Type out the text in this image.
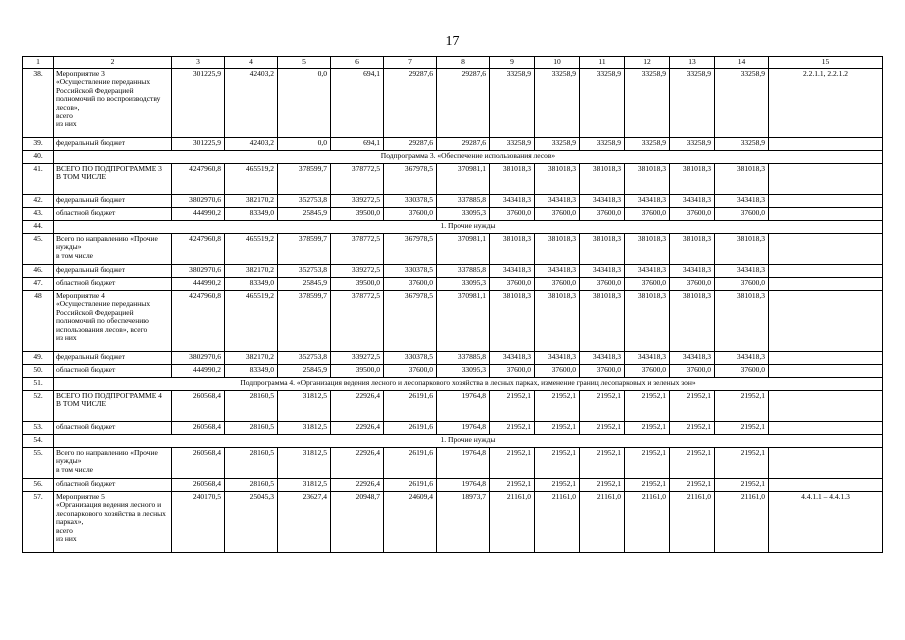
17
1	2	3	4	5	6	7	8	9	10	11	12	13	14	15
38.	Мероприятие 3
«Осуществление переданных Российской Федерацией полномочий по воспроизводству лесов»,
всего
из них	301225,9	42403,2	0,0	694,1	29287,6	29287,6	33258,9	33258,9	33258,9	33258,9	33258,9	33258,9	2.2.1.1, 2.2.1.2
39.	федеральный бюджет	301225,9	42403,2	0,0	694,1	29287,6	29287,6	33258,9	33258,9	33258,9	33258,9	33258,9	33258,9	
40.	Подпрограмма 3. «Обеспечение использования лесов»													
41.	ВСЕГО ПО ПОДПРОГРАММЕ 3
В ТОМ ЧИСЛЕ	4247960,8	465519,2	378599,7	378772,5	367978,5	370981,1	381018,3	381018,3	381018,3	381018,3	381018,3	381018,3	
42.	федеральный бюджет	3802970,6	382170,2	352753,8	339272,5	330378,5	337885,8	343418,3	343418,3	343418,3	343418,3	343418,3	343418,3	
43.	областной бюджет	444990,2	83349,0	25845,9	39500,0	37600,0	33095,3	37600,0	37600,0	37600,0	37600,0	37600,0	37600,0	
44.	1. Прочие нужды													
45.	Всего по направлению «Прочие нужды»
в том числе	4247960,8	465519,2	378599,7	378772,5	367978,5	370981,1	381018,3	381018,3	381018,3	381018,3	381018,3	381018,3	
46.	федеральный бюджет	3802970,6	382170,2	352753,8	339272,5	330378,5	337885,8	343418,3	343418,3	343418,3	343418,3	343418,3	343418,3	
47.	областной бюджет	444990,2	83349,0	25845,9	39500,0	37600,0	33095,3	37600,0	37600,0	37600,0	37600,0	37600,0	37600,0	
48	Мероприятие 4
«Осуществление переданных Российской Федерацией полномочий по обеспечению использования лесов», всего
из них	4247960,8	465519,2	378599,7	378772,5	367978,5	370981,1	381018,3	381018,3	381018,3	381018,3	381018,3	381018,3	
49.	федеральный бюджет	3802970,6	382170,2	352753,8	339272,5	330378,5	337885,8	343418,3	343418,3	343418,3	343418,3	343418,3	343418,3	
50.	областной бюджет	444990,2	83349,0	25845,9	39500,0	37600,0	33095,3	37600,0	37600,0	37600,0	37600,0	37600,0	37600,0	
51.	Подпрограмма 4. «Организация ведения лесного и лесопаркового хозяйства в лесных парках, изменение границ лесопарковых и зеленых зон»													
52.	ВСЕГО ПО ПОДПРОГРАММЕ 4
В ТОМ ЧИСЛЕ	260568,4	28160,5	31812,5	22926,4	26191,6	19764,8	21952,1	21952,1	21952,1	21952,1	21952,1	21952,1	
53.	областной бюджет	260568,4	28160,5	31812,5	22926,4	26191,6	19764,8	21952,1	21952,1	21952,1	21952,1	21952,1	21952,1	
54.	1. Прочие нужды													
55.	Всего по направлению «Прочие нужды»
в том числе	260568,4	28160,5	31812,5	22926,4	26191,6	19764,8	21952,1	21952,1	21952,1	21952,1	21952,1	21952,1	
56.	областной бюджет	260568,4	28160,5	31812,5	22926,4	26191,6	19764,8	21952,1	21952,1	21952,1	21952,1	21952,1	21952,1	
57.	Мероприятие 5
«Организация ведения лесного и лесопаркового хозяйства в лесных парках»,
всего
из них	240170,5	25045,3	23627,4	20948,7	24609,4	18973,7	21161,0	21161,0	21161,0	21161,0	21161,0	21161,0	4.4.1.1 – 4.4.1.3
